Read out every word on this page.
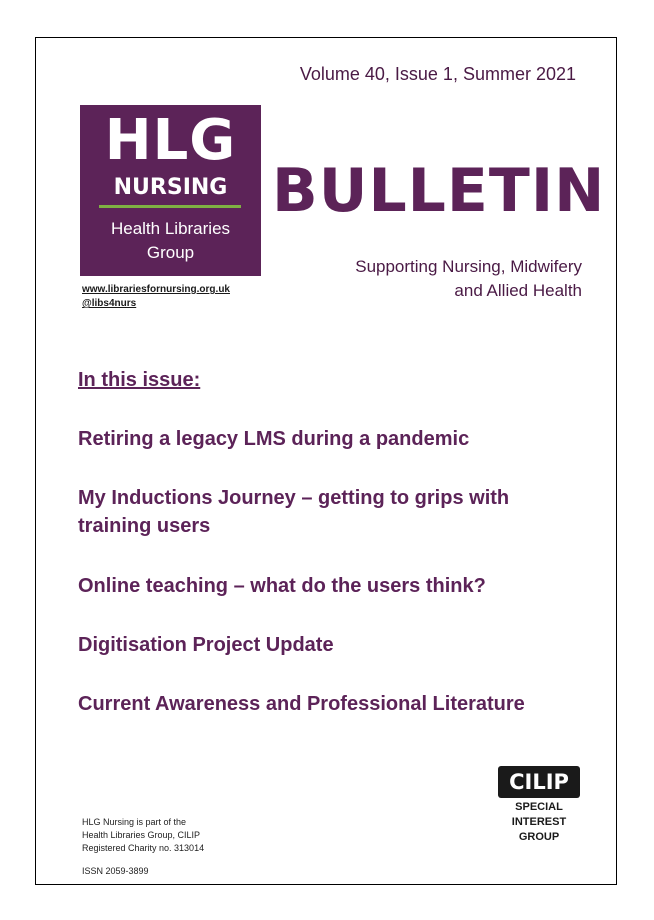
Volume 40, Issue 1, Summer 2021
HLG
NURSING
Health Libraries
Group
www.librariesfornursing.org.uk
@libs4nurs
BULLETIN
Supporting Nursing, Midwifery
and Allied Health
In this issue:
Retiring a legacy LMS during a pandemic
My Inductions Journey – getting to grips with training users
Online teaching – what do the users think?
Digitisation Project Update
Current Awareness and Professional Literature
CILIP
SPECIAL
INTEREST
GROUP
HLG Nursing is part of the
Health Libraries Group, CILIP
Registered Charity no. 313014
ISSN 2059-3899
